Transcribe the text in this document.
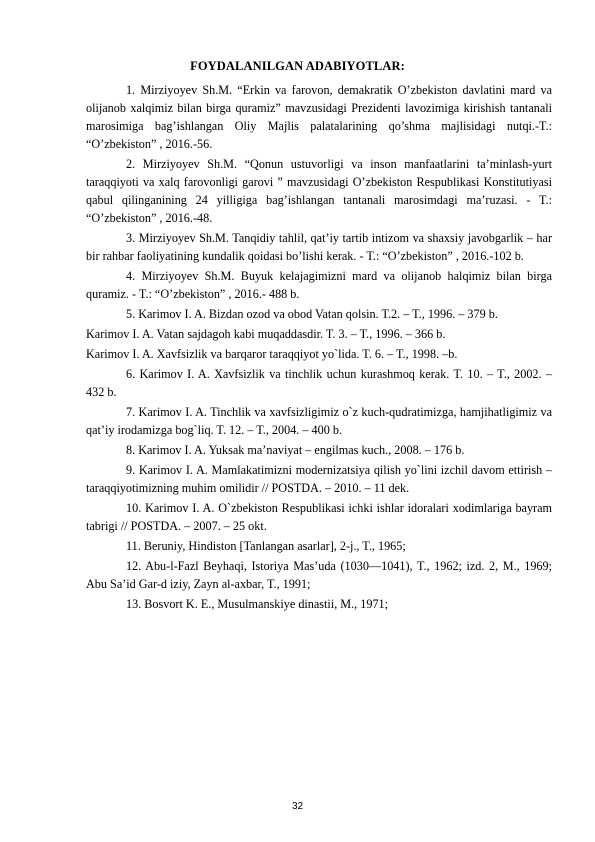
FOYDALANILGAN ADABIYOTLAR:

1. Mirziyoyev Sh.M. “Erkin va farovon, demakratik O’zbekiston davlatini mard va olijanob xalqimiz bilan birga quramiz” mavzusidagi Prezidenti lavozimiga kirishish tantanali marosimiga bag’ishlangan Oliy Majlis palatalarining qo’shma majlisidagi nutqi.-T.: “O’zbekiston” , 2016.-56.

2. Mirziyoyev Sh.M. “Qonun ustuvorligi va inson manfaatlarini ta’minlash-yurt taraqqiyoti va xalq farovonligi garovi ” mavzusidagi O’zbekiston Respublikasi Konstitutiyasi qabul qilinganining 24 yilligiga bag’ishlangan tantanali marosimdagi ma’ruzasi. - T.: “O’zbekiston” , 2016.-48.

3. Mirziyoyev Sh.M. Tanqidiy tahlil, qat’iy tartib intizom va shaxsiy javobgarlik – har bir rahbar faoliyatining kundalik qoidasi bo’lishi kerak. - T.: “O’zbekiston” , 2016.-102 b.

4. Mirziyoyev Sh.M. Buyuk kelajagimizni mard va olijanob halqimiz bilan birga quramiz. - T.: “O’zbekiston” , 2016.- 488 b.

5. Karimov I. A. Bizdan ozod va obod Vatan qolsin. T.2. – T., 1996. – 379 b.

Karimov I. A. Vatan sajdagoh kabi muqaddasdir. T. 3. – T., 1996. – 366 b.

Karimov I. A. Xavfsizlik va barqaror taraqqiyot yo`lida. T. 6. – T., 1998. –b.

6. Karimov I. A. Xavfsizlik va tinchlik uchun kurashmoq kerak. T. 10. – T., 2002. – 432 b.

7. Karimov I. A. Tinchlik va xavfsizligimiz o`z kuch-qudratimizga, hamjihatligimiz va qat’iy irodamizga bog`liq. T. 12. – T., 2004. – 400 b.

8. Karimov I. A. Yuksak ma’naviyat – engilmas kuch., 2008. – 176 b.

9. Karimov I. A. Mamlakatimizni modernizatsiya qilish yo`lini izchil davom ettirish – taraqqiyotimizning muhim omilidir // POSTDA. – 2010. – 11 dek.

10. Karimov I. A. O`zbekiston Respublikasi ichki ishlar idoralari xodimlariga bayram tabrigi // POSTDA. – 2007. – 25 okt.

11. Beruniy, Hindiston [Tanlangan asarlar], 2-j., T., 1965;

12. Abu-l-Fazl Beyhaqi, Istoriya Mas’uda (1030—1041), T., 1962; izd. 2, M., 1969; Abu Sa’id Gar-d iziy, Zayn al-axbar, T., 1991;

13. Bosvort K. E., Musulmanskiye dinastii, M., 1971;

32
